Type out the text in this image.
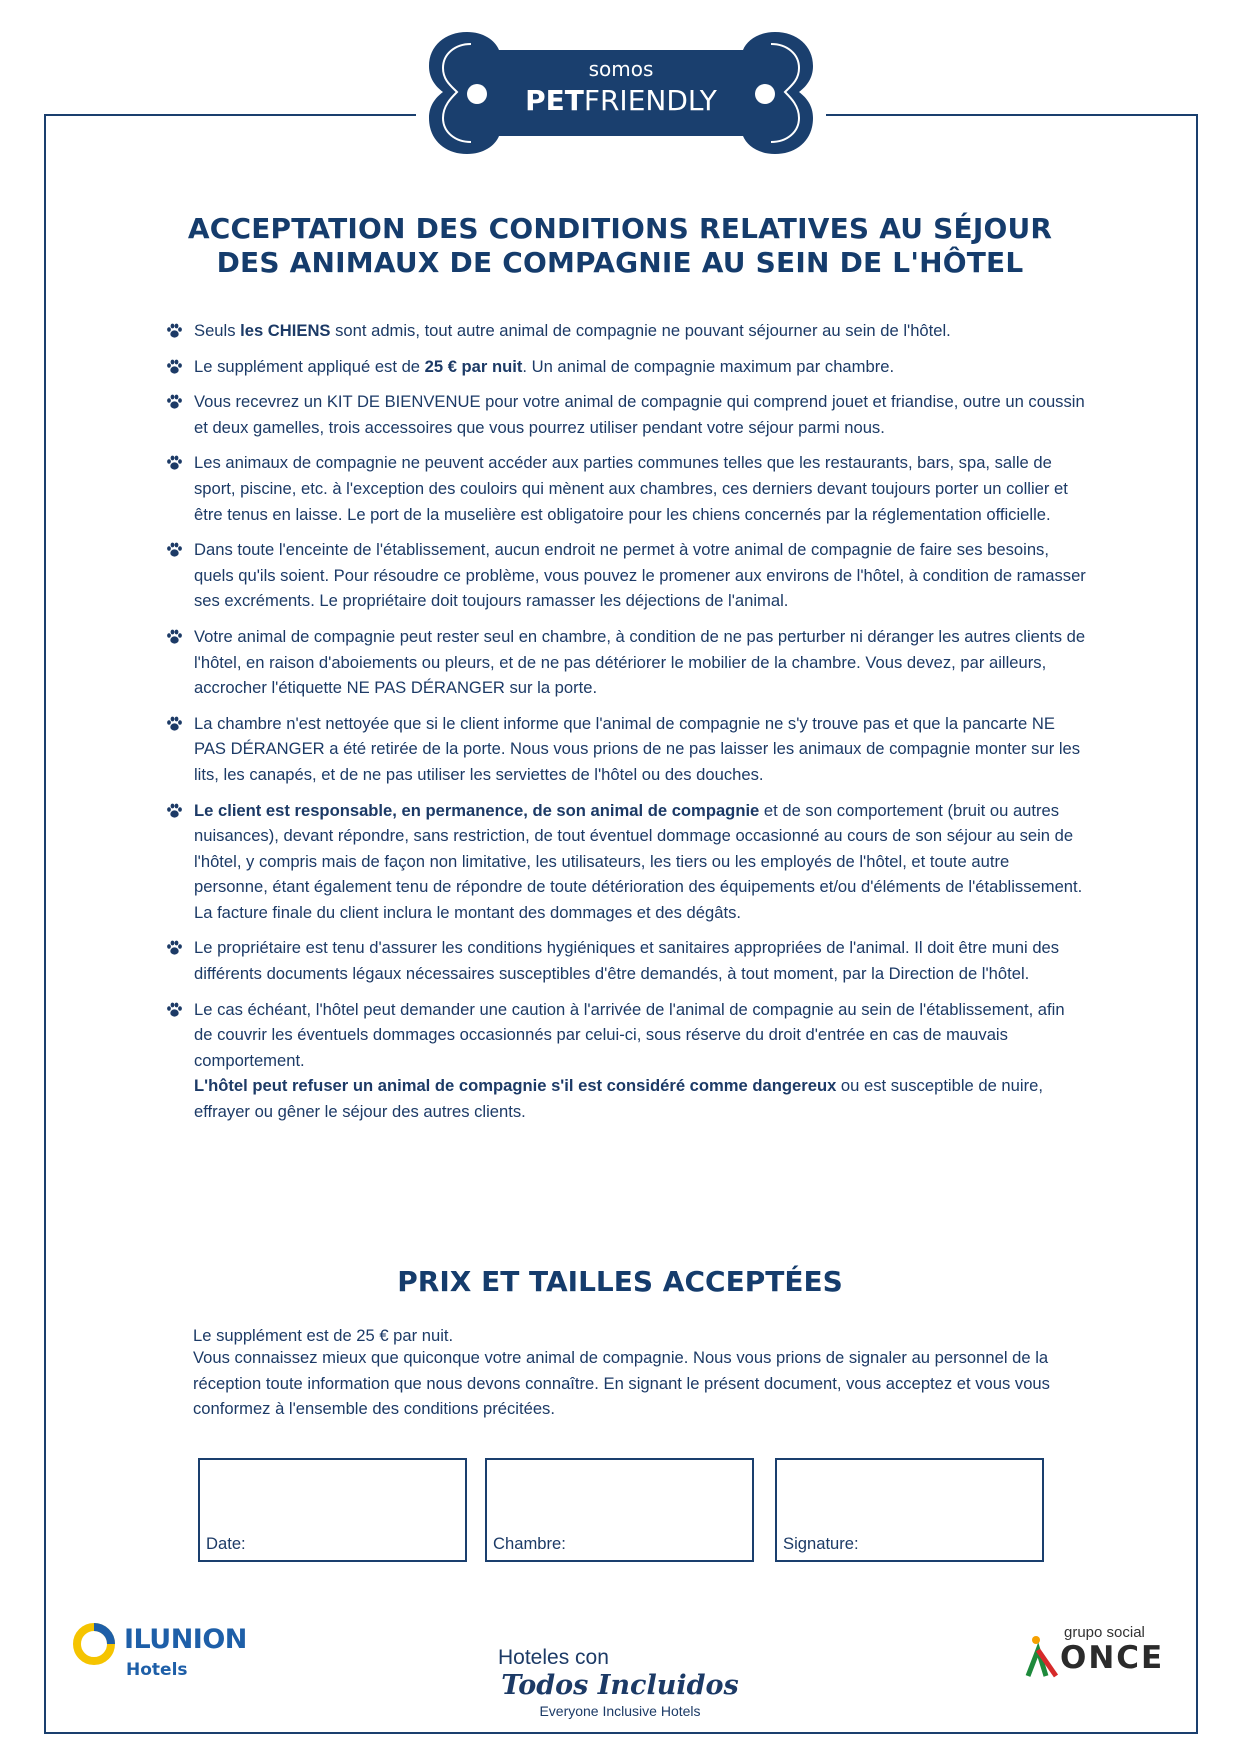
somos
PETFRIENDLY
ACCEPTATION DES CONDITIONS RELATIVES AU SÉJOUR
DES ANIMAUX DE COMPAGNIE AU SEIN DE L'HÔTEL
Seuls les CHIENS sont admis, tout autre animal de compagnie ne pouvant séjourner au sein de l'hôtel.
Le supplément appliqué est de 25 € par nuit. Un animal de compagnie maximum par chambre.
Vous recevrez un KIT DE BIENVENUE pour votre animal de compagnie qui comprend jouet et friandise, outre un coussin et deux gamelles, trois accessoires que vous pourrez utiliser pendant votre séjour parmi nous.
Les animaux de compagnie ne peuvent accéder aux parties communes telles que les restaurants, bars, spa, salle de sport, piscine, etc. à l'exception des couloirs qui mènent aux chambres, ces derniers devant toujours porter un collier et être tenus en laisse. Le port de la muselière est obligatoire pour les chiens concernés par la réglementation officielle.
Dans toute l'enceinte de l'établissement, aucun endroit ne permet à votre animal de compagnie de faire ses besoins, quels qu'ils soient. Pour résoudre ce problème, vous pouvez le promener aux environs de l'hôtel, à condition de ramasser ses excréments. Le propriétaire doit toujours ramasser les déjections de l'animal.
Votre animal de compagnie peut rester seul en chambre, à condition de ne pas perturber ni déranger les autres clients de l'hôtel, en raison d'aboiements ou pleurs, et de ne pas détériorer le mobilier de la chambre. Vous devez, par ailleurs, accrocher l'étiquette NE PAS DÉRANGER sur la porte.
La chambre n'est nettoyée que si le client informe que l'animal de compagnie ne s'y trouve pas et que la pancarte NE PAS DÉRANGER a été retirée de la porte. Nous vous prions de ne pas laisser les animaux de compagnie monter sur les lits, les canapés, et de ne pas utiliser les serviettes de l'hôtel ou des douches.
Le client est responsable, en permanence, de son animal de compagnie et de son comportement (bruit ou autres nuisances), devant répondre, sans restriction, de tout éventuel dommage occasionné au cours de son séjour au sein de l'hôtel, y compris mais de façon non limitative, les utilisateurs, les tiers ou les employés de l'hôtel, et toute autre personne, étant également tenu de répondre de toute détérioration des équipements et/ou d'éléments de l'établissement. La facture finale du client inclura le montant des dommages et des dégâts.
Le propriétaire est tenu d'assurer les conditions hygiéniques et sanitaires appropriées de l'animal. Il doit être muni des différents documents légaux nécessaires susceptibles d'être demandés, à tout moment, par la Direction de l'hôtel.
Le cas échéant, l'hôtel peut demander une caution à l'arrivée de l'animal de compagnie au sein de l'établissement, afin de couvrir les éventuels dommages occasionnés par celui-ci, sous réserve du droit d'entrée en cas de mauvais comportement.
L'hôtel peut refuser un animal de compagnie s'il est considéré comme dangereux ou est susceptible de nuire, effrayer ou gêner le séjour des autres clients.
PRIX ET TAILLES ACCEPTÉES
Le supplément est de 25 € par nuit.
Vous connaissez mieux que quiconque votre animal de compagnie. Nous vous prions de signaler au personnel de la réception toute information que nous devons connaître. En signant le présent document, vous acceptez et vous vous conformez à l'ensemble des conditions précitées.
Date:	Chambre:	Signature:
ILUNION
Hotels
Hoteles con
Todos Incluidos
Everyone Inclusive Hotels
grupo social
ONCE
